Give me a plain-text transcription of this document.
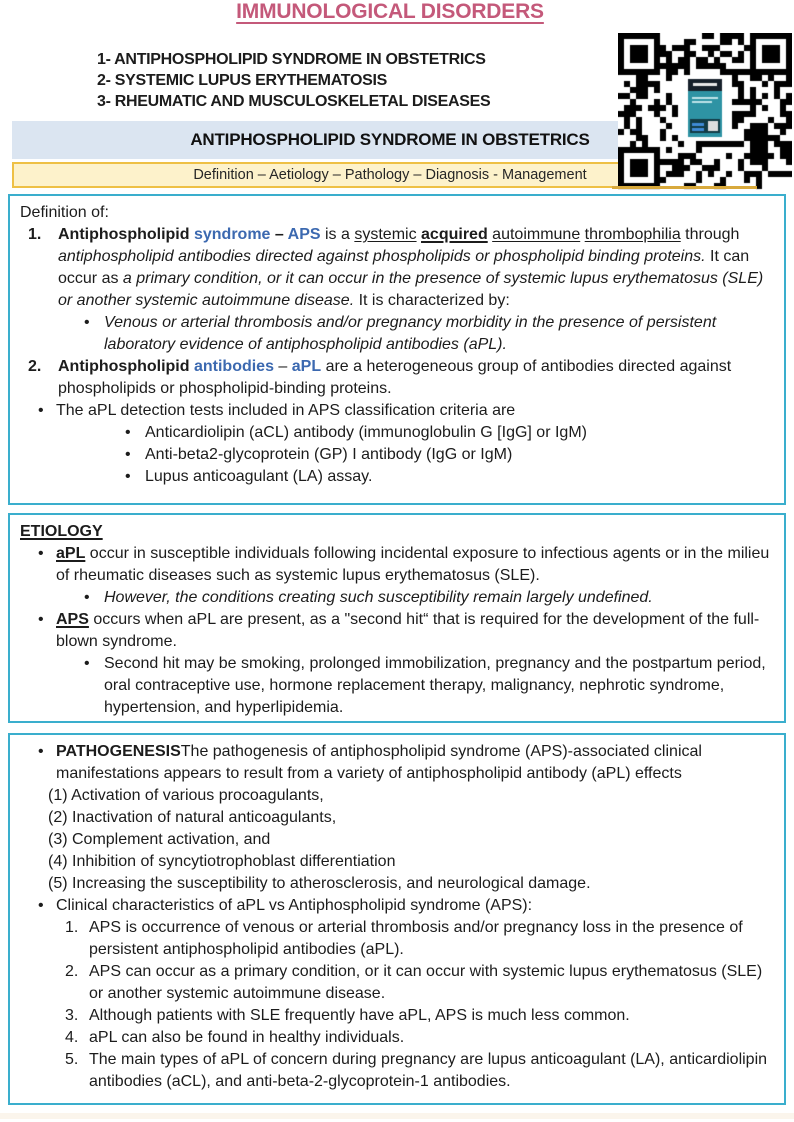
IMMUNOLOGICAL DISORDERS
1- ANTIPHOSPHOLIPID SYNDROME IN OBSTETRICS
2- SYSTEMIC LUPUS ERYTHEMATOSIS
3- RHEUMATIC AND MUSCULOSKELETAL DISEASES
ANTIPHOSPHOLIPID SYNDROME IN OBSTETRICS
Definition – Aetiology – Pathology – Diagnosis - Management
Definition of:
1.	Antiphospholipid syndrome – APS is a systemic acquired autoimmune thrombophilia through antiphospholipid antibodies directed against phospholipids or phospholipid binding proteins. It can occur as a primary condition, or it can occur in the presence of systemic lupus erythematosus (SLE) or another systemic autoimmune disease. It is characterized by:
• Venous or arterial thrombosis and/or pregnancy morbidity in the presence of persistent laboratory evidence of antiphospholipid antibodies (aPL).
2.	Antiphospholipid antibodies – aPL are a heterogeneous group of antibodies directed against phospholipids or phospholipid-binding proteins.
• The aPL detection tests included in APS classification criteria are
• Anticardiolipin (aCL) antibody (immunoglobulin G [IgG] or IgM)
• Anti-beta2-glycoprotein (GP) I antibody (IgG or IgM)
• Lupus anticoagulant (LA) assay.
ETIOLOGY
• aPL occur in susceptible individuals following incidental exposure to infectious agents or in the milieu of rheumatic diseases such as systemic lupus erythematosus (SLE).
• However, the conditions creating such susceptibility remain largely undefined.
• APS occurs when aPL are present, as a "second hit“ that is required for the development of the full-blown syndrome.
• Second hit may be smoking, prolonged immobilization, pregnancy and the postpartum period, oral contraceptive use, hormone replacement therapy, malignancy, nephrotic syndrome, hypertension, and hyperlipidemia.
• PATHOGENESISThe pathogenesis of antiphospholipid syndrome (APS)-associated clinical manifestations appears to result from a variety of antiphospholipid antibody (aPL) effects
(1) Activation of various procoagulants,
(2) Inactivation of natural anticoagulants,
(3) Complement activation, and
(4) Inhibition of syncytiotrophoblast differentiation
(5) Increasing the susceptibility to atherosclerosis, and neurological damage.
• Clinical characteristics of aPL vs Antiphospholipid syndrome (APS):
1. APS is occurrence of venous or arterial thrombosis and/or pregnancy loss in the presence of persistent antiphospholipid antibodies (aPL).
2. APS can occur as a primary condition, or it can occur with systemic lupus erythematosus (SLE) or another systemic autoimmune disease.
3. Although patients with SLE frequently have aPL, APS is much less common.
4. aPL can also be found in healthy individuals.
5. The main types of aPL of concern during pregnancy are lupus anticoagulant (LA), anticardiolipin antibodies (aCL), and anti-beta-2-glycoprotein-1 antibodies.
